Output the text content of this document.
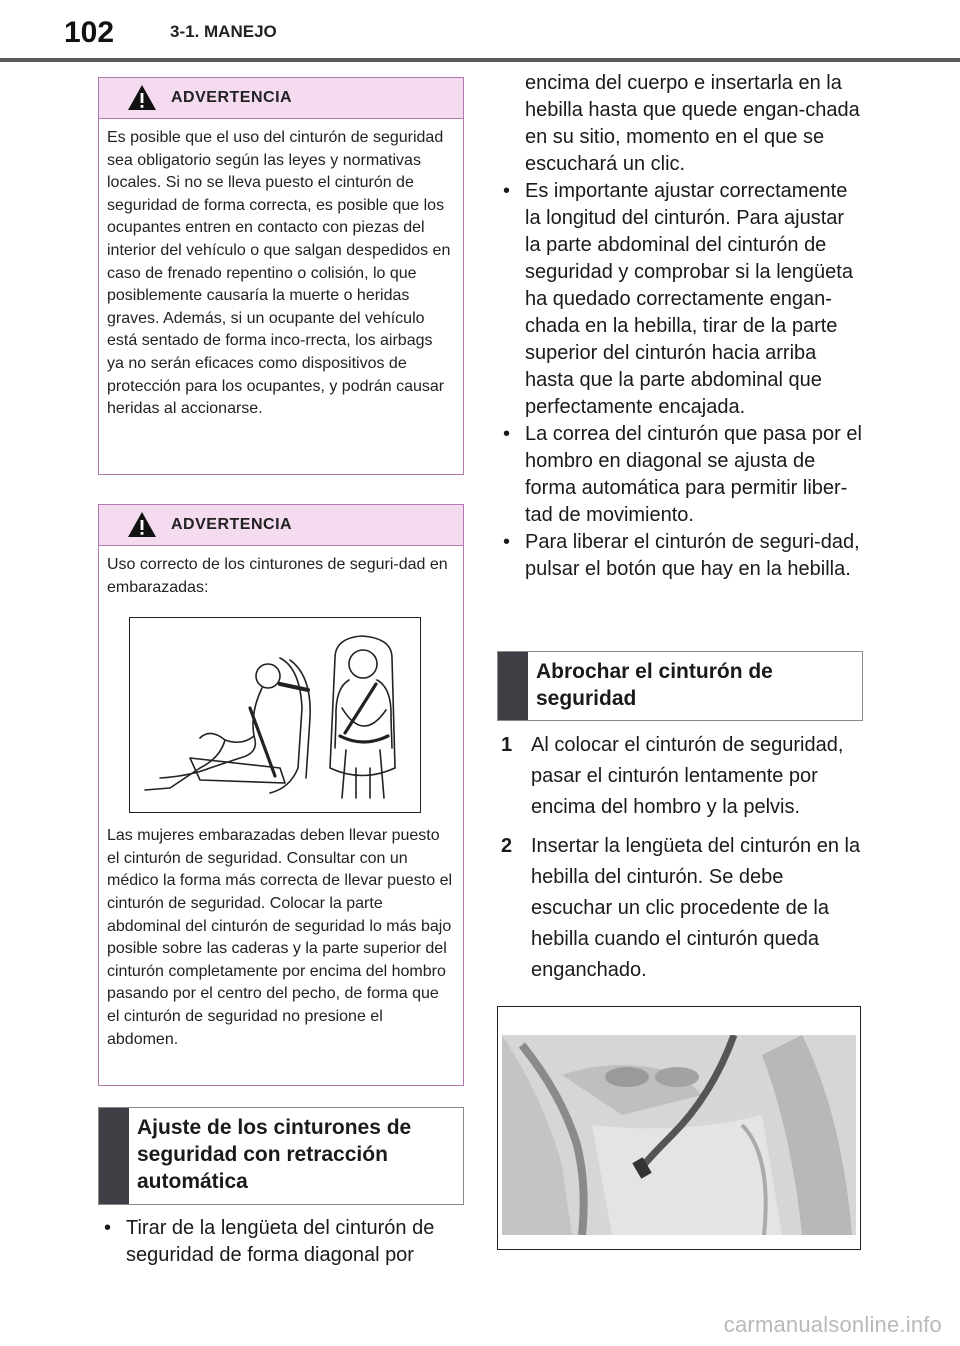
102	3-1. MANEJO
ADVERTENCIA

Es posible que el uso del cinturón de seguridad sea obligatorio según las leyes y normativas locales. Si no se lleva puesto el cinturón de seguridad de forma correcta, es posible que los ocupantes entren en contacto con piezas del interior del vehículo o que salgan despedidos en caso de frenado repentino o colisión, lo que posiblemente causaría la muerte o heridas graves. Además, si un ocupante del vehículo está sentado de forma inco-rrecta, los airbags ya no serán eficaces como dispositivos de protección para los ocupantes, y podrán causar heridas al accionarse.

ADVERTENCIA

Uso correcto de los cinturones de seguri-dad en embarazadas:

Las mujeres embarazadas deben llevar puesto el cinturón de seguridad. Consultar con un médico la forma más correcta de llevar puesto el cinturón de seguridad. Colocar la parte abdominal del cinturón de seguridad lo más bajo posible sobre las caderas y la parte superior del cinturón completamente por encima del hombro pasando por el centro del pecho, de forma que el cinturón de seguridad no presione el abdomen.

Ajuste de los cinturones de seguridad con retracción automática
• Tirar de la lengüeta del cinturón de seguridad de forma diagonal por
encima del cuerpo e insertarla en la hebilla hasta que quede engan-chada en su sitio, momento en el que se escuchará un clic.
• Es importante ajustar correctamente la longitud del cinturón. Para ajustar la parte abdominal del cinturón de seguridad y comprobar si la lengüeta ha quedado correctamente engan-chada en la hebilla, tirar de la parte superior del cinturón hacia arriba hasta que la parte abdominal que perfectamente encajada.
• La correa del cinturón que pasa por el hombro en diagonal se ajusta de forma automática para permitir liber-tad de movimiento.
• Para liberar el cinturón de seguri-dad, pulsar el botón que hay en la hebilla.
Abrochar el cinturón de seguridad
1 Al colocar el cinturón de seguridad, pasar el cinturón lentamente por encima del hombro y la pelvis.
2 Insertar la lengüeta del cinturón en la hebilla del cinturón. Se debe escuchar un clic procedente de la hebilla cuando el cinturón queda enganchado.
carmanualsonline.info
